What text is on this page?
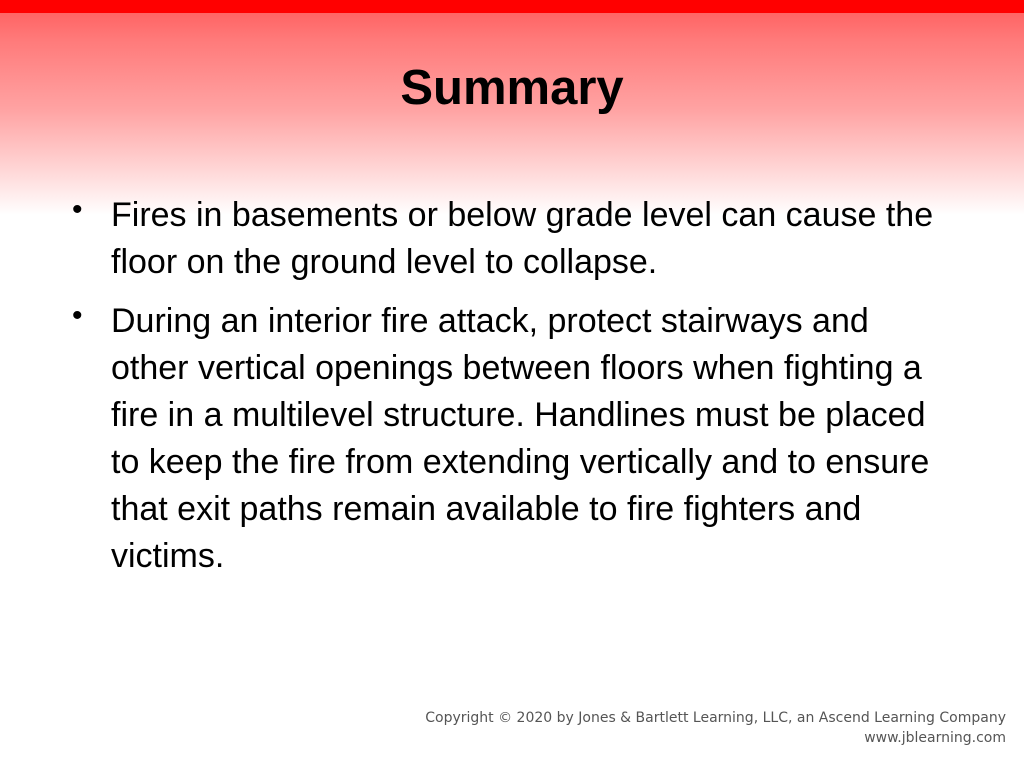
Summary
• Fires in basements or below grade level can cause the floor on the ground level to collapse.
• During an interior fire attack, protect stairways and other vertical openings between floors when fighting a fire in a multilevel structure. Handlines must be placed to keep the fire from extending vertically and to ensure that exit paths remain available to fire fighters and victims.
Copyright © 2020 by Jones & Bartlett Learning, LLC, an Ascend Learning Company
www.jblearning.com
